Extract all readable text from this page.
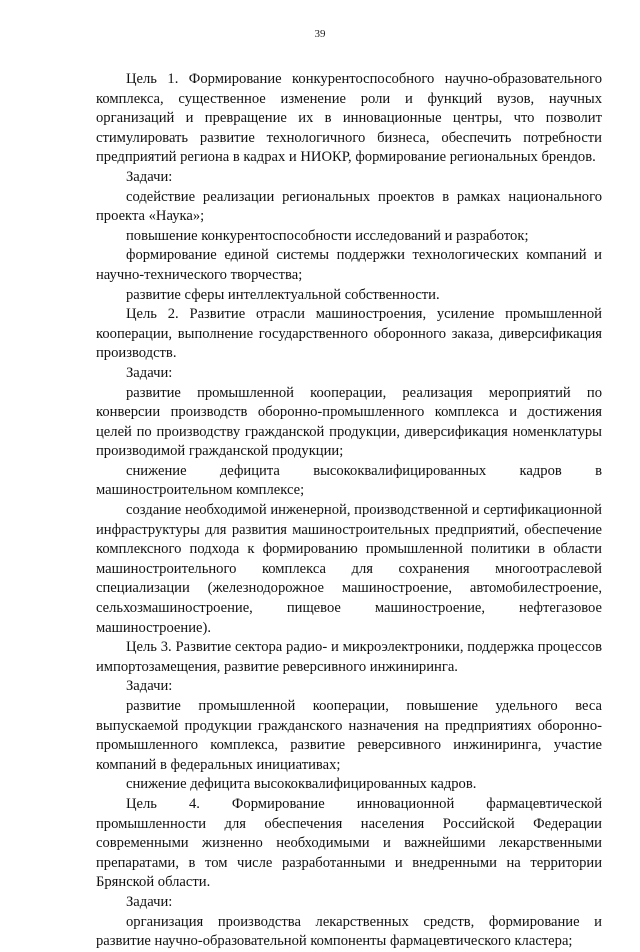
39

Цель 1. Формирование конкурентоспособного научно-образовательного комплекса, существенное изменение роли и функций вузов, научных организаций и превращение их в инновационные центры, что позволит стимулировать развитие технологичного бизнеса, обеспечить потребности предприятий региона в кадрах и НИОКР, формирование региональных брендов.

Задачи:

содействие реализации региональных проектов в рамках национального проекта «Наука»;

повышение конкурентоспособности исследований и разработок;

формирование единой системы поддержки технологических компаний и научно-технического творчества;

развитие сферы интеллектуальной собственности.

Цель 2. Развитие отрасли машиностроения, усиление промышленной кооперации, выполнение государственного оборонного заказа, диверсификация производств.

Задачи:

развитие промышленной кооперации, реализация мероприятий по конверсии производств оборонно-промышленного комплекса и достижения целей по производству гражданской продукции, диверсификация номенклатуры производимой гражданской продукции;

снижение дефицита высококвалифицированных кадров в машиностроительном комплексе;

создание необходимой инженерной, производственной и сертификационной инфраструктуры для развития машиностроительных предприятий, обеспечение комплексного подхода к формированию промышленной политики в области машиностроительного комплекса для сохранения многоотраслевой специализации (железнодорожное машиностроение, автомобилестроение, сельхозмашиностроение, пищевое машиностроение, нефтегазовое машиностроение).

Цель 3. Развитие сектора радио- и микроэлектроники, поддержка процессов импортозамещения, развитие реверсивного инжиниринга.

Задачи:

развитие промышленной кооперации, повышение удельного веса выпускаемой продукции гражданского назначения на предприятиях оборонно-промышленного комплекса, развитие реверсивного инжиниринга, участие компаний в федеральных инициативах;

снижение дефицита высококвалифицированных кадров.

Цель 4. Формирование инновационной фармацевтической промышленности для обеспечения населения Российской Федерации современными жизненно необходимыми и важнейшими лекарственными препаратами, в том числе разработанными и внедренными на территории Брянской области.

Задачи:

организация производства лекарственных средств, формирование и развитие научно-образовательной компоненты фармацевтического кластера;
